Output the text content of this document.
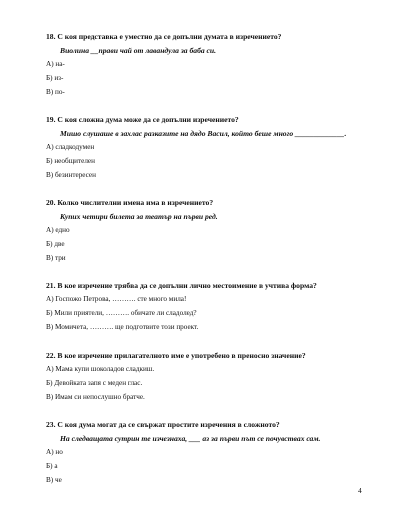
18. С коя представка е уместно да се допълни думата в изречението?
Виолина __прави чай от лавандула за баба си.
А) на-
Б) из-
В) по-
19. С коя сложна дума може да се допълни изречението?
Мишо слушаше в захлас разказите на дядо Васил, който беше много _____________.
А) сладкодумен
Б) необщителен
В) безинтересен
20. Колко числителни имена има в изречението?
Купих четири билета за театър на първи ред.
А) едно
Б) две
В) три
21. В кое изречение трябва да се допълни лично местоимение в учтива форма?
А) Госпожо Петрова, ………. сте много мила!
Б) Мили приятели, ………. обичате ли сладолед?
В) Момичета, ………. ще подготвите този проект.
22. В кое изречение прилагателното име е употребено в преносно значение?
А) Мама купи шоколадов сладкиш.
Б) Девойката запя с меден глас.
В) Имам си непослушно братче.
23. С коя дума могат да се свържат простите изречения в сложното?
На следващата сутрин те изчезнаха, ___ аз за първи път се почувствах сам.
А) но
Б) а
В) че
4
